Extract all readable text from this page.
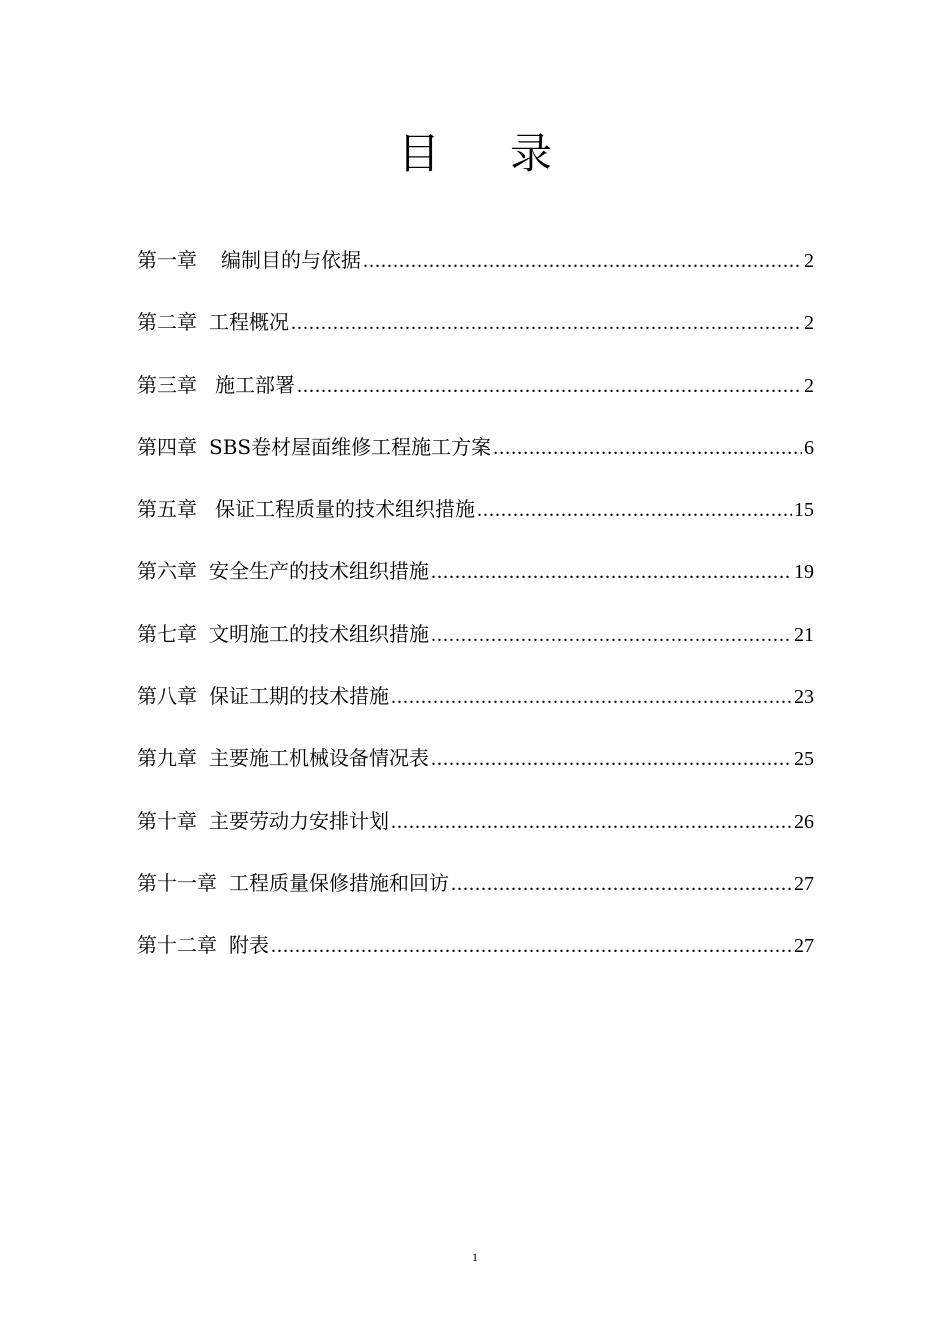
目 录
第一章 编制目的与依据 .....	2
第二章 工程概况 .....	2
第三章 施工部署 .....	2
第四章 SBS卷材屋面维修工程施工方案 .....	6
第五章 保证工程质量的技术组织措施 .....	15
第六章 安全生产的技术组织措施 .....	19
第七章 文明施工的技术组织措施 .....	21
第八章 保证工期的技术措施 .....	23
第九章 主要施工机械设备情况表 .....	25
第十章 主要劳动力安排计划 .....	26
第十一章 工程质量保修措施和回访 .....	27
第十二章 附表 .....	27
1
